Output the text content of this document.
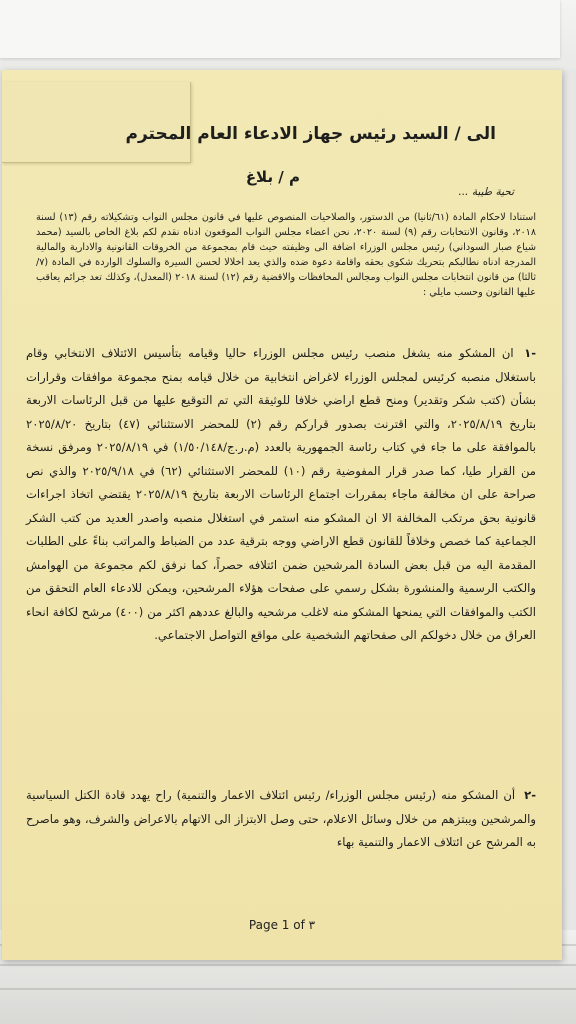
الى / السيد رئيس جهاز الادعاء العام المحترم
م / بلاغ
تحية طيبة ...

استنادا لاحكام المادة (٦١/ثانيا) من الدستور، والصلاحيات المنصوص عليها في قانون مجلس النواب وتشكيلاته رقم (١٣) لسنة ٢٠١٨، وقانون الانتخابات رقم (٩) لسنة ٢٠٢٠، نحن اعضاء مجلس النواب الموقعون ادناه نقدم لكم بلاغ الخاص بالسيد (محمد شياع صبار السوداني) رئيس مجلس الوزراء اضافة الى وظيفته حيث قام بمجموعة من الخروقات القانونية والادارية والمالية المدرجة ادناه نطالبكم بتحريك شكوى بحقه واقامة دعوة ضده والذي يعد اخلالا لحسن السيرة والسلوك الواردة في المادة (٧/ثالثا) من قانون انتخابات مجلس النواب ومجالس المحافظات والاقضية رقم (١٢) لسنة ٢٠١٨ (المعدل)، وكذلك تعد جرائم يعاقب عليها القانون وحسب مايلي :

-١ ان المشكو منه يشغل منصب رئيس مجلس الوزراء حاليا وقيامه بتأسيس الائتلاف الانتخابي وقام باستغلال منصبه كرئيس لمجلس الوزراء لاغراض انتخابية من خلال قيامه بمنح مجموعة موافقات وقرارات بشأن (كتب شكر وتقدير) ومنح قطع اراضي خلافا للوثيقة التي تم التوقيع عليها من قبل الرئاسات الاربعة بتاريخ ٢٠٢٥/٨/١٩، والتي اقترنت بصدور قراركم رقم (٢) للمحضر الاستثنائي (٤٧) بتاريخ ٢٠٢٥/٨/٢٠ بالموافقة على ما جاء في كتاب رئاسة الجمهورية بالعدد (م.ر.ج/١/٥٠/١٤٨) في ٢٠٢٥/٨/١٩ ومرفق نسخة من القرار طيا، كما صدر قرار المفوضية رقم (١٠) للمحضر الاستثنائي (٦٢) في ٢٠٢٥/٩/١٨ والذي نص صراحة على ان مخالفة ماجاء بمقررات اجتماع الرئاسات الاربعة بتاريخ ٢٠٢٥/٨/١٩ يقتضي اتخاذ اجراءات قانونية بحق مرتكب المخالفة الا ان المشكو منه استمر في استغلال منصبه واصدر العديد من كتب الشكر الجماعية كما خصص وخلافاً للقانون قطع الاراضي ووجه بترقية عدد من الضباط والمراتب بناءً على الطلبات المقدمة اليه من قبل بعض السادة المرشحين ضمن ائتلافه حصراً، كما نرفق لكم مجموعة من الهوامش والكتب الرسمية والمنشورة بشكل رسمي على صفحات هؤلاء المرشحين، ويمكن للادعاء العام التحقق من الكتب والموافقات التي يمنحها المشكو منه لاغلب مرشحيه والبالغ عددهم اكثر من (٤٠٠) مرشح لكافة انحاء العراق من خلال دخولكم الى صفحاتهم الشخصية على مواقع التواصل الاجتماعي.
-٢ أن المشكو منه (رئيس مجلس الوزراء/ رئيس ائتلاف الاعمار والتنمية) راح يهدد قادة الكتل السياسية والمرشحين ويبتزهم من خلال وسائل الاعلام، حتى وصل الابتزاز الى الاتهام بالاعراض والشرف، وهو ماصرح به المرشح عن ائتلاف الاعمار والتنمية بهاء
Page 1 of ٣
